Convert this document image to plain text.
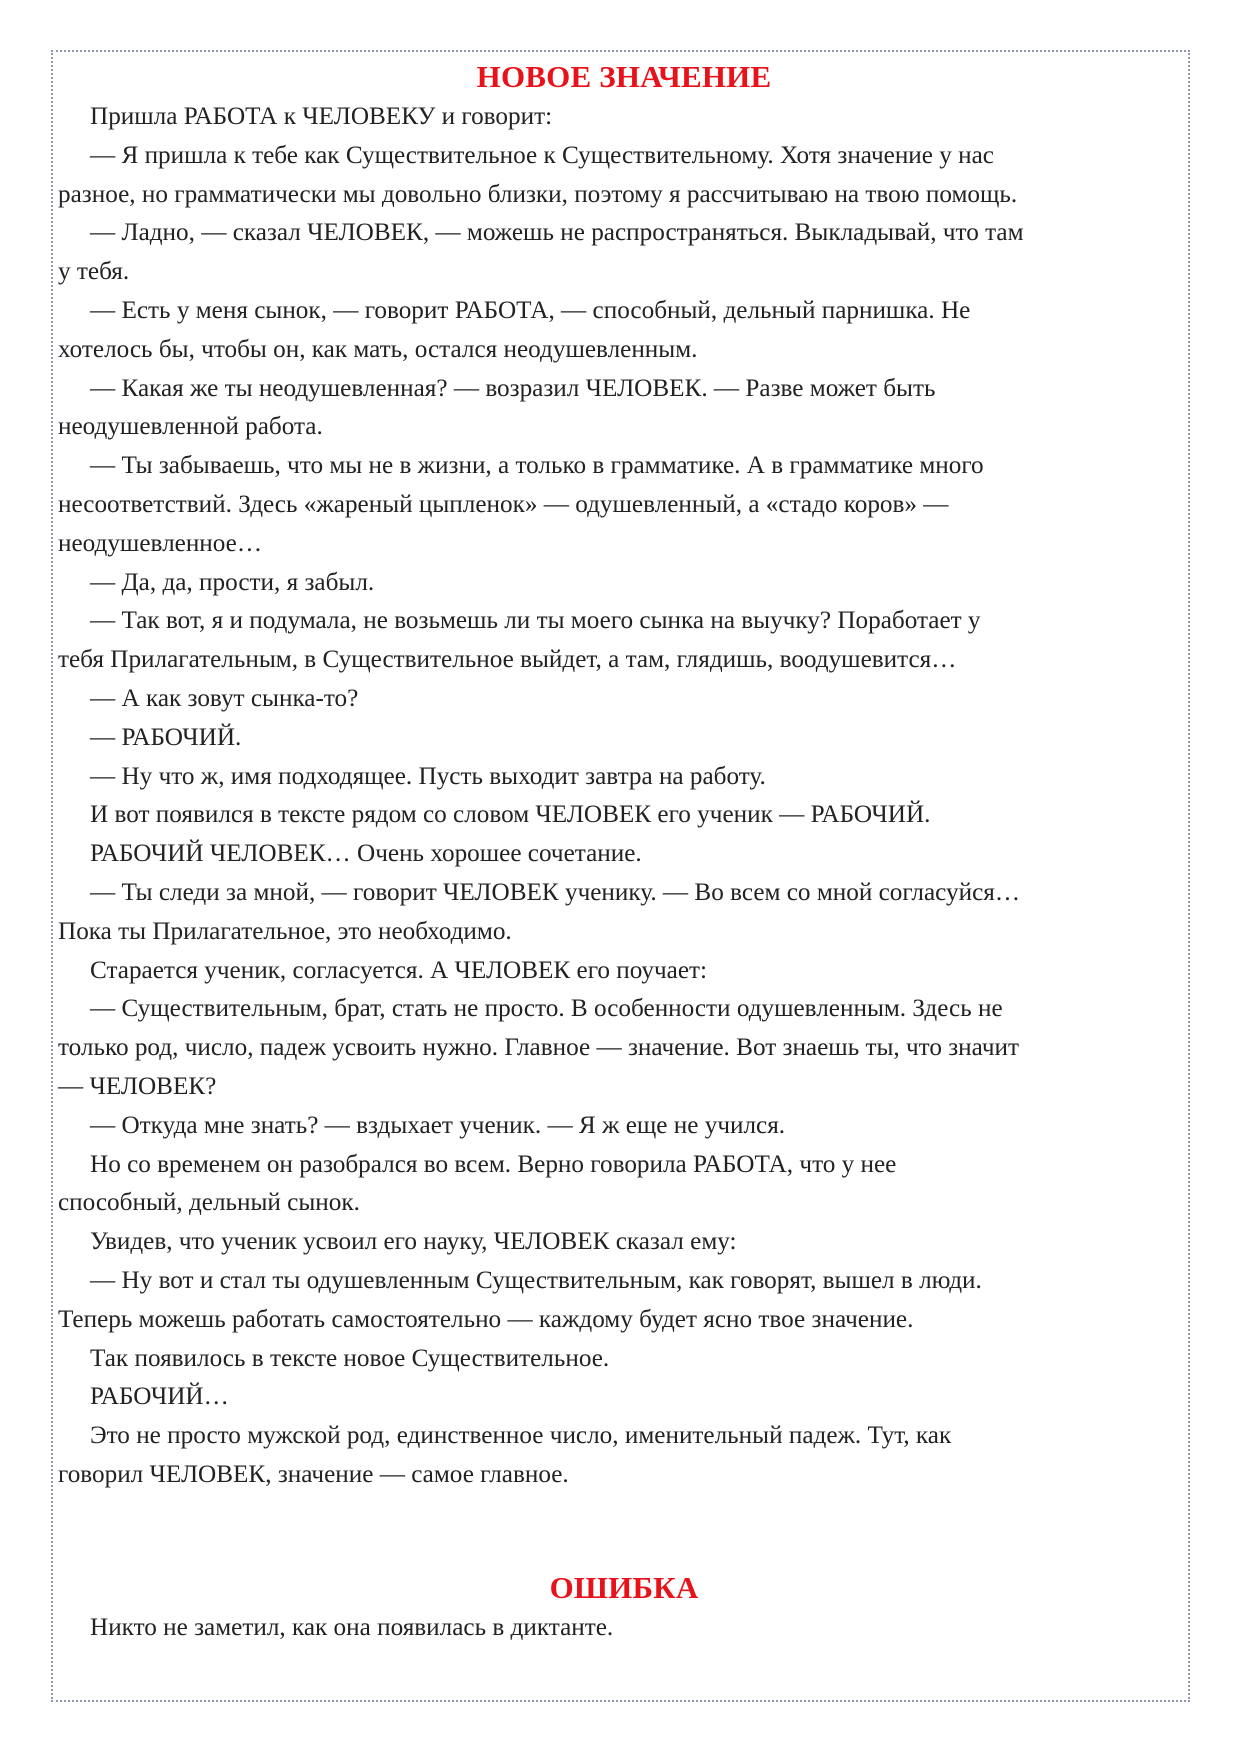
НОВОЕ ЗНАЧЕНИЕ

Пришла РАБОТА к ЧЕЛОВЕКУ и говорит:

— Я пришла к тебе как Существительное к Существительному. Хотя значение у нас

разное, но грамматически мы довольно близки, поэтому я рассчитываю на твою помощь.

— Ладно, — сказал ЧЕЛОВЕК, — можешь не распространяться. Выкладывай, что там

у тебя.

— Есть у меня сынок, — говорит РАБОТА, — способный, дельный парнишка. Не

хотелось бы, чтобы он, как мать, остался неодушевленным.

— Какая же ты неодушевленная? — возразил ЧЕЛОВЕК. — Разве может быть

неодушевленной работа.

— Ты забываешь, что мы не в жизни, а только в грамматике. А в грамматике много

несоответствий. Здесь «жареный цыпленок» — одушевленный, а «стадо коров» —

неодушевленное…

— Да, да, прости, я забыл.

— Так вот, я и подумала, не возьмешь ли ты моего сынка на выучку? Поработает у

тебя Прилагательным, в Существительное выйдет, а там, глядишь, воодушевится…

— А как зовут сынка-то?

— РАБОЧИЙ.

— Ну что ж, имя подходящее. Пусть выходит завтра на работу.

И вот появился в тексте рядом со словом ЧЕЛОВЕК его ученик — РАБОЧИЙ.

РАБОЧИЙ ЧЕЛОВЕК… Очень хорошее сочетание.

— Ты следи за мной, — говорит ЧЕЛОВЕК ученику. — Во всем со мной согласуйся…

Пока ты Прилагательное, это необходимо.

Старается ученик, согласуется. А ЧЕЛОВЕК его поучает:

— Существительным, брат, стать не просто. В особенности одушевленным. Здесь не

только род, число, падеж усвоить нужно. Главное — значение. Вот знаешь ты, что значит

— ЧЕЛОВЕК?

— Откуда мне знать? — вздыхает ученик. — Я ж еще не учился.

Но со временем он разобрался во всем. Верно говорила РАБОТА, что у нее

способный, дельный сынок.

Увидев, что ученик усвоил его науку, ЧЕЛОВЕК сказал ему:

— Ну вот и стал ты одушевленным Существительным, как говорят, вышел в люди.

Теперь можешь работать самостоятельно — каждому будет ясно твое значение.

Так появилось в тексте новое Существительное.

РАБОЧИЙ…

Это не просто мужской род, единственное число, именительный падеж. Тут, как

говорил ЧЕЛОВЕК, значение — самое главное.

ОШИБКА

Никто не заметил, как она появилась в диктанте.
